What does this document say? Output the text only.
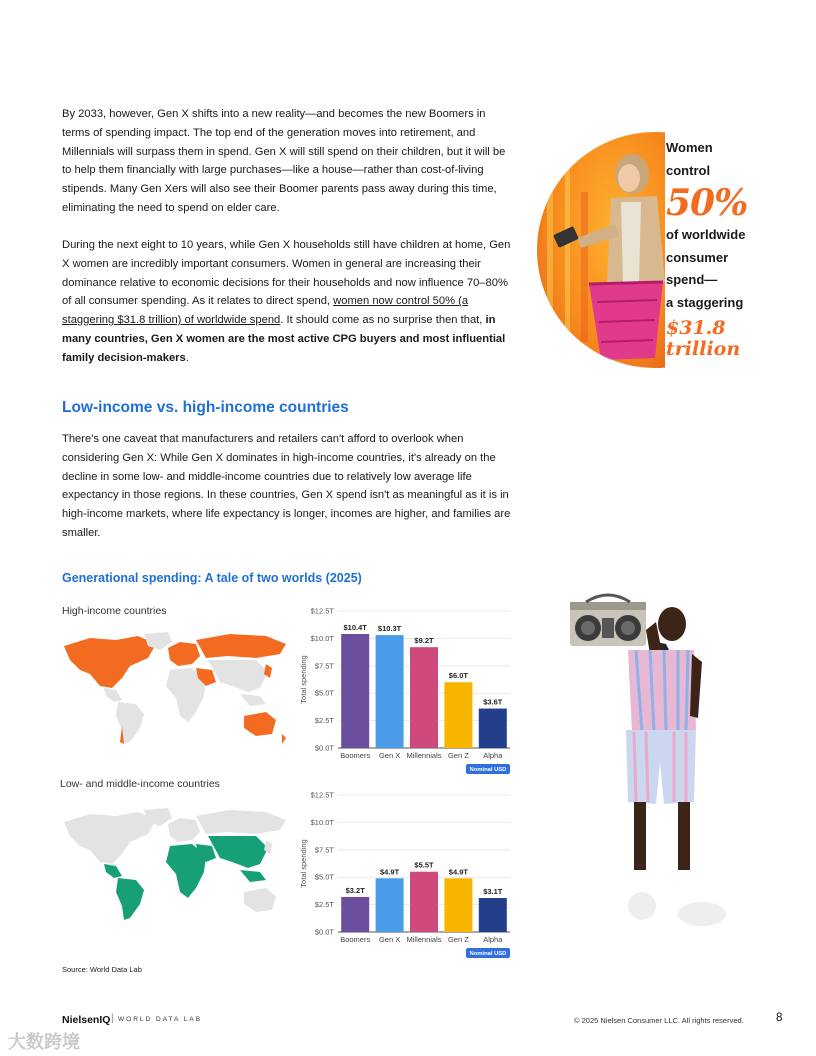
By 2033, however, Gen X shifts into a new reality—and becomes the new Boomers in terms of spending impact. The top end of the generation moves into retirement, and Millennials will surpass them in spend. Gen X will still spend on their children, but it will be to help them financially with large purchases—like a house—rather than cost-of-living stipends. Many Gen Xers will also see their Boomer parents pass away during this time, eliminating the need to spend on elder care.

During the next eight to 10 years, while Gen X households still have children at home, Gen X women are incredibly important consumers. Women in general are increasing their dominance relative to economic decisions for their households and now influence 70–80% of all consumer spending. As it relates to direct spend, women now control 50% (a staggering $31.8 trillion) of worldwide spend. It should come as no surprise then that, in many countries, Gen X women are the most active CPG buyers and most influential family decision-makers.

Women
control
50%
of worldwide
consumer
spend—
a staggering
$31.8
trillion
Low-income vs. high-income countries

There's one caveat that manufacturers and retailers can't afford to overlook when considering Gen X: While Gen X dominates in high-income countries, it's already on the decline in some low- and middle-income countries due to relatively low average life expectancy in those regions. In these countries, Gen X spend isn't as meaningful as it is in high-income markets, where life expectancy is longer, incomes are higher, and families are smaller.

Generational spending: A tale of two worlds (2025)
High-income countries
Total spending
$0.0T
$2.5T
$5.0T
$7.5T
$10.0T
$12.5T
$10.4T
Boomers
$10.3T
Gen X
$9.2T
Millennials
$6.0T
Gen Z
$3.6T
Alpha
Nominal USD
Low- and middle-income countries
Total spending
$0.0T
$2.5T
$5.0T
$7.5T
$10.0T
$12.5T
$3.2T
Boomers
$4.9T
Gen X
$5.5T
Millennials
$4.9T
Gen Z
$3.1T
Alpha
Nominal USD
Source: World Data Lab
NielsenIQ | WORLD DATA LAB	© 2025 Nielsen Consumer LLC. All rights reserved.	8
大数跨境
